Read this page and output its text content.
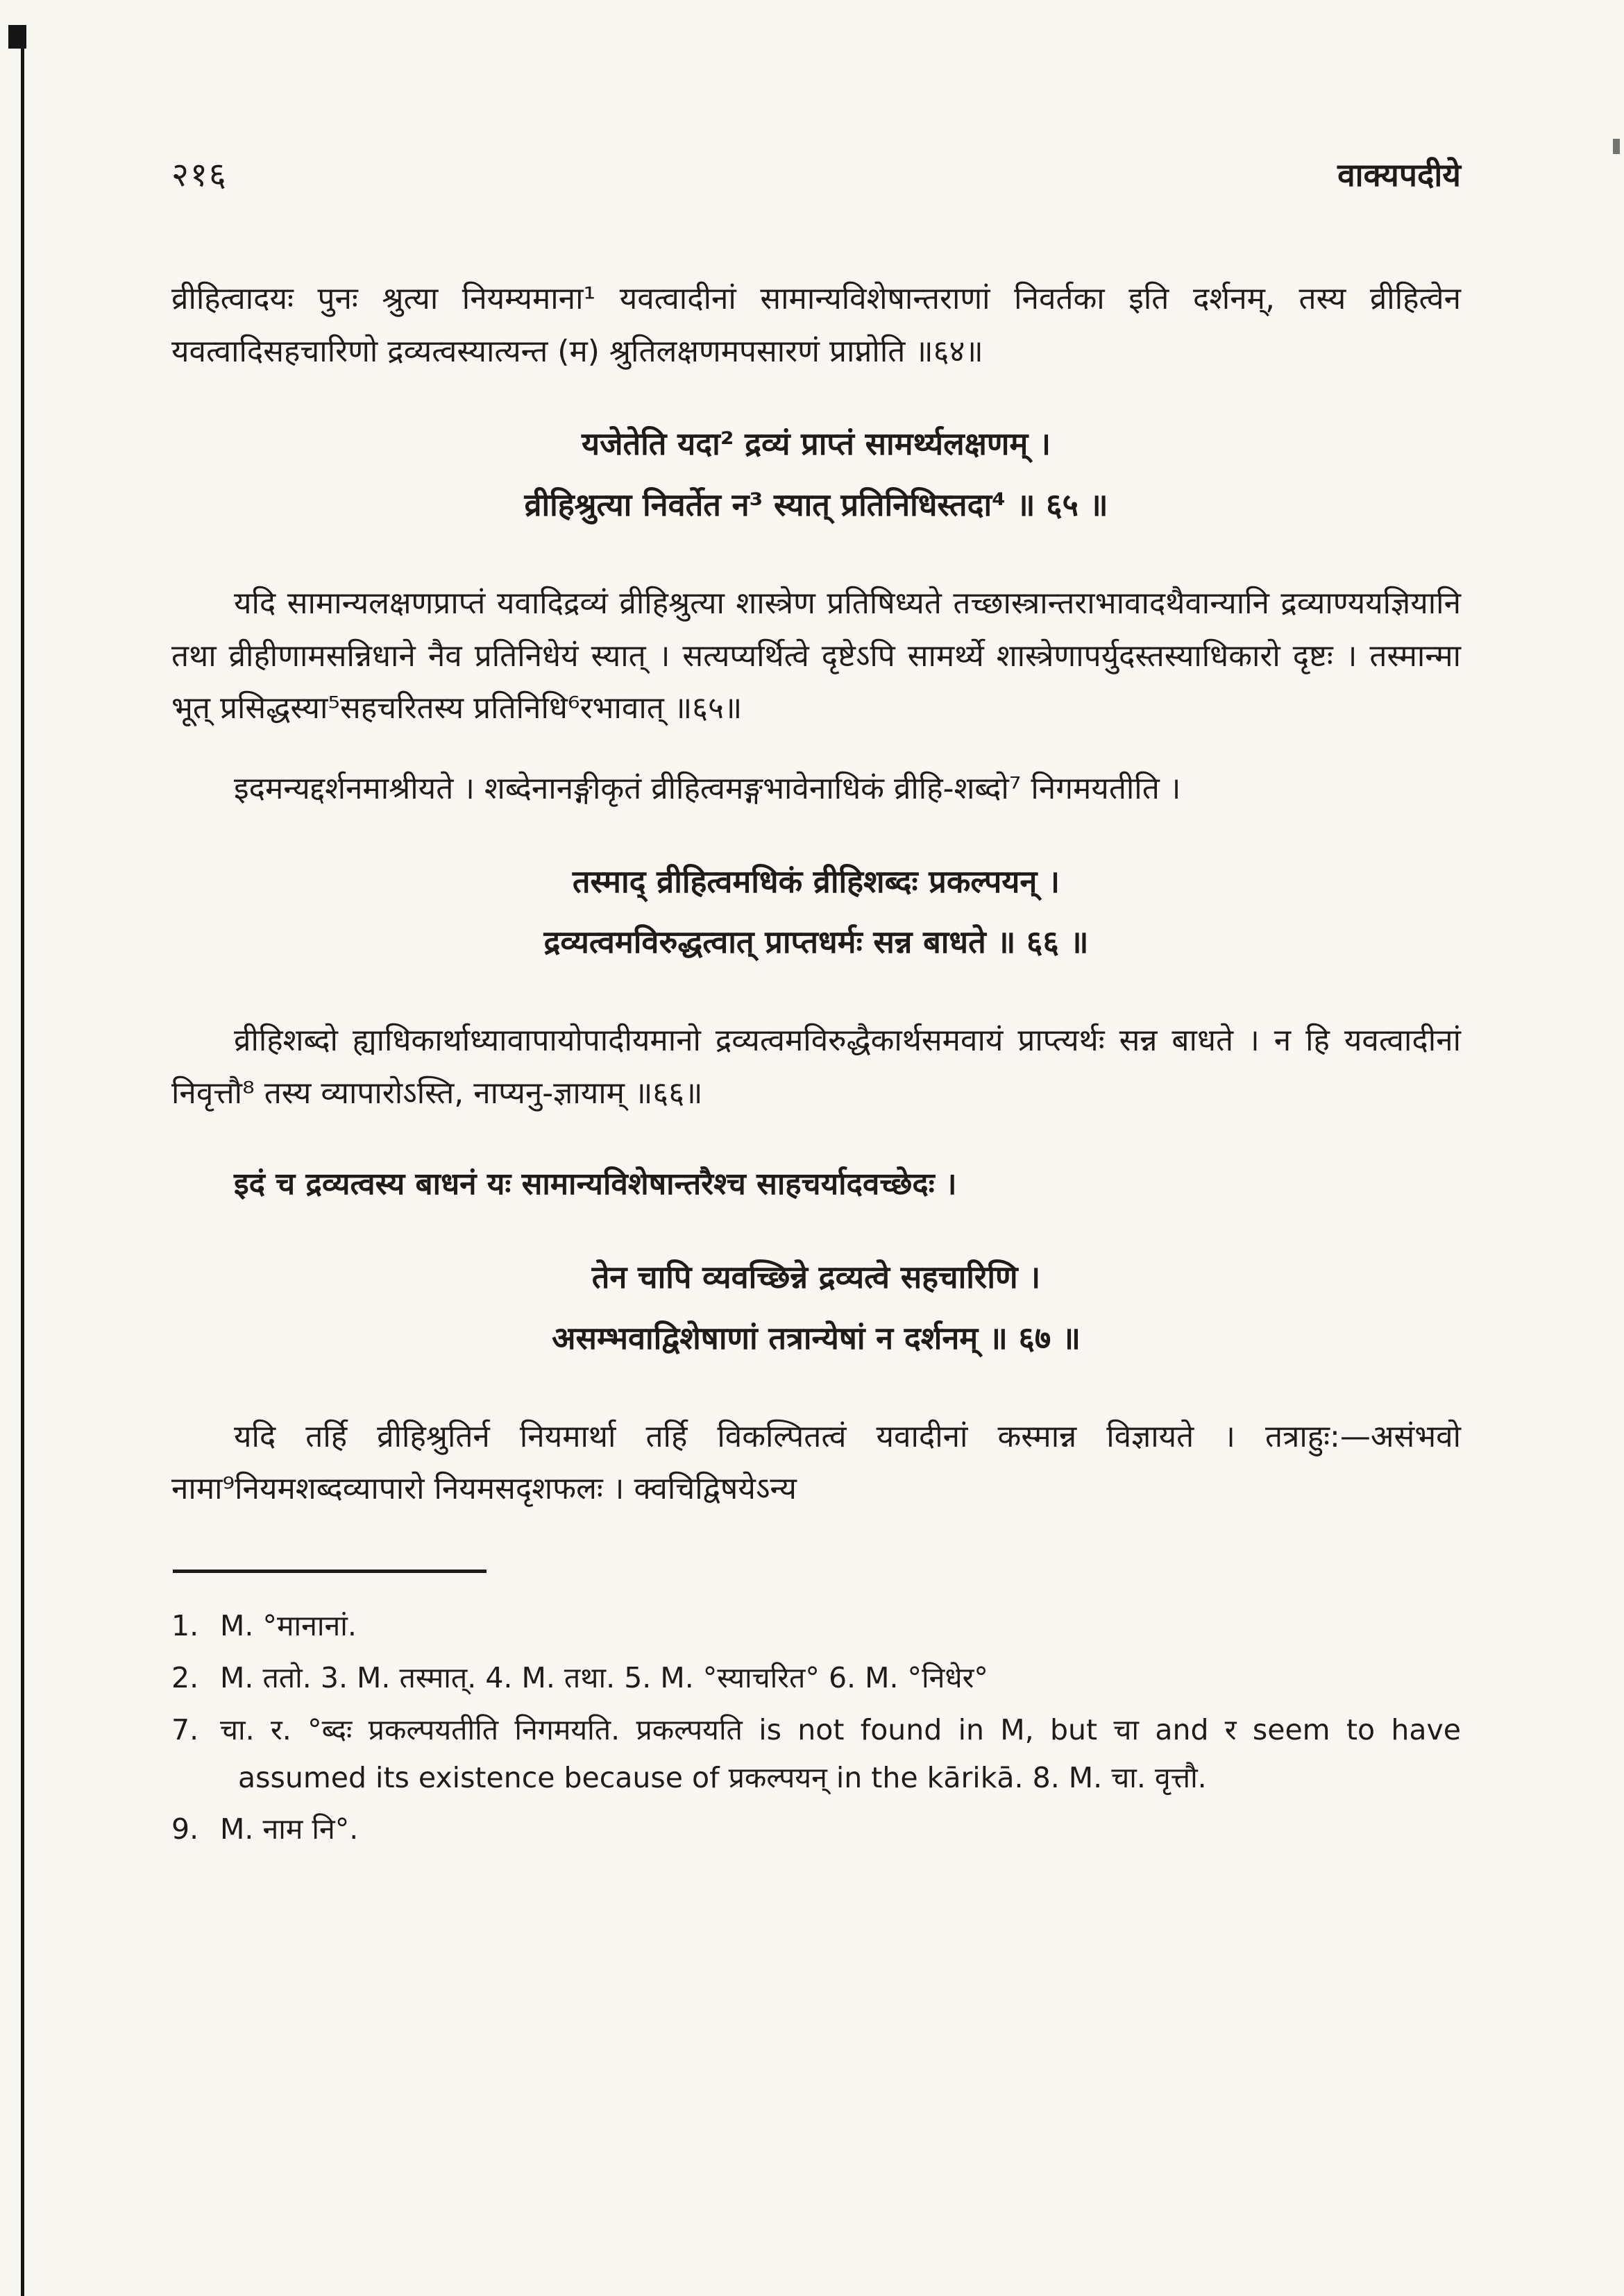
२१६	वाक्यपदीये

व्रीहित्वादयः पुनः श्रुत्या नियम्यमाना¹ यवत्वादीनां सामान्यविशेषान्तराणां निवर्तका इति दर्शनम्, तस्य व्रीहित्वेन यवत्वादिसहचारिणो द्रव्यत्वस्यात्यन्त (म) श्रुतिलक्षणमपसारणं प्राप्नोति ॥६४॥

यजेतेति यदा² द्रव्यं प्राप्तं सामर्थ्यलक्षणम् ।
व्रीहिश्रुत्या निवर्तेत न³ स्यात् प्रतिनिधिस्तदा⁴ ॥ ६५ ॥

यदि सामान्यलक्षणप्राप्तं यवादिद्रव्यं व्रीहिश्रुत्या शास्त्रेण प्रतिषिध्यते तच्छास्त्रान्तराभावादथैवान्यानि द्रव्याण्ययज्ञियानि तथा व्रीहीणामसन्निधाने नैव प्रतिनिधेयं स्यात् । सत्यप्यर्थित्वे दृष्टेऽपि सामर्थ्ये शास्त्रेणापर्युदस्तस्याधिकारो दृष्टः । तस्मान्मा भूत् प्रसिद्धस्या⁵सहचरितस्य प्रतिनिधि⁶रभावात् ॥६५॥

इदमन्यद्दर्शनमाश्रीयते । शब्देनानङ्गीकृतं व्रीहित्वमङ्गभावेनाधिकं व्रीहि-शब्दो⁷ निगमयतीति ।

तस्माद् व्रीहित्वमधिकं व्रीहिशब्दः प्रकल्पयन् ।
द्रव्यत्वमविरुद्धत्वात् प्राप्तधर्मः सन्न बाधते ॥ ६६ ॥

व्रीहिशब्दो ह्याधिकार्थाध्यावापायोपादीयमानो द्रव्यत्वमविरुद्धैकार्थसमवायं प्राप्त्यर्थः सन्न बाधते । न हि यवत्वादीनां निवृत्तौ⁸ तस्य व्यापारोऽस्ति, नाप्यनु-ज्ञायाम् ॥६६॥

इदं च द्रव्यत्वस्य बाधनं यः सामान्यविशेषान्तरैश्च साहचर्यादवच्छेदः ।

तेन चापि व्यवच्छिन्ने द्रव्यत्वे सहचारिणि ।
असम्भवाद्विशेषाणां तत्रान्येषां न दर्शनम् ॥ ६७ ॥

यदि तर्हि व्रीहिश्रुतिर्न नियमार्था तर्हि विकल्पितत्वं यवादीनां कस्मान्न विज्ञायते । तत्राहुः:—असंभवो नामा⁹नियमशब्दव्यापारो नियमसदृशफलः । क्वचिद्विषयेऽन्य

1. M. °मानानां.
2. M. ततो. 3. M. तस्मात्. 4. M. तथा. 5. M. °स्याचरित° 6. M. °निधेर°
7. चा. र. °ब्दः प्रकल्पयतीति निगमयति. प्रकल्पयति is not found in M, but चा and र seem to have assumed its existence because of प्रकल्पयन् in the kārikā. 8. M. चा. वृत्तौ.
9. M. नाम नि°.
